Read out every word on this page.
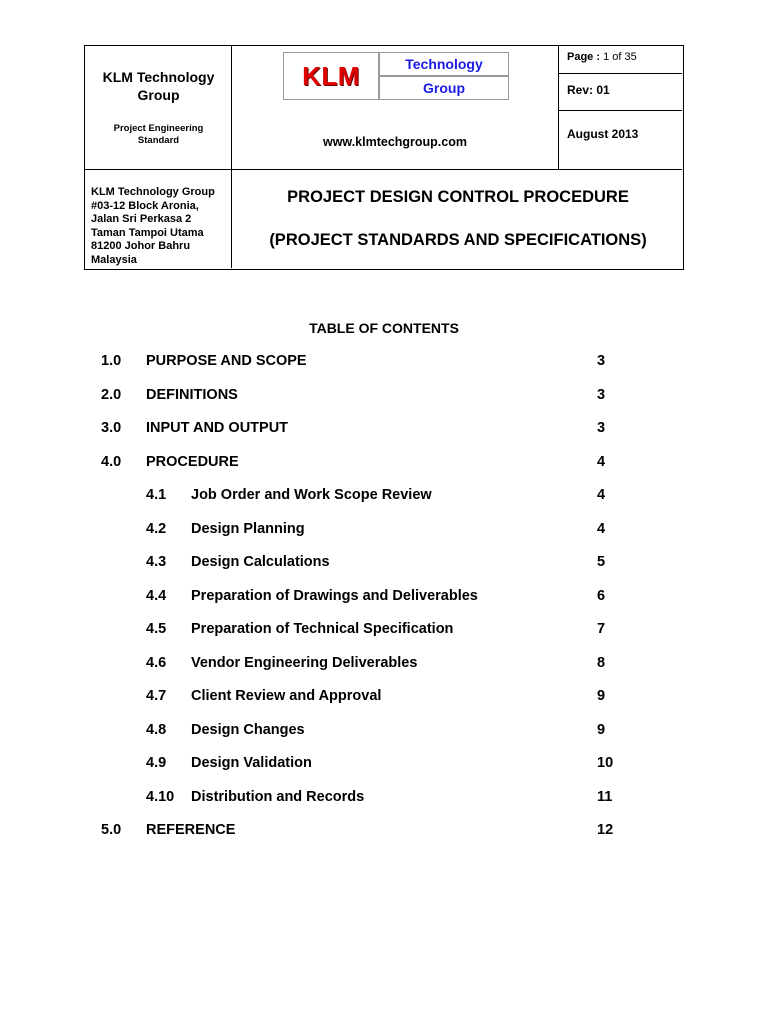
KLM Technology
Group
Project Engineering
Standard
KLM	Technology
Group
www.klmtechgroup.com
Page : 1 of 35
Rev: 01
August 2013
KLM Technology Group
#03-12 Block Aronia,
Jalan Sri Perkasa 2
Taman Tampoi Utama
81200 Johor Bahru
Malaysia
PROJECT DESIGN CONTROL PROCEDURE
(PROJECT STANDARDS AND SPECIFICATIONS)
TABLE OF CONTENTS
1.0 PURPOSE AND SCOPE	3
2.0 DEFINITIONS	3
3.0 INPUT AND OUTPUT	3
4.0 PROCEDURE	4
4.1 Job Order and Work Scope Review	4
4.2 Design Planning	4
4.3 Design Calculations	5
4.4 Preparation of Drawings and Deliverables	6
4.5 Preparation of Technical Specification	7
4.6 Vendor Engineering Deliverables	8
4.7 Client Review and Approval	9
4.8 Design Changes	9
4.9 Design Validation	10
4.10 Distribution and Records	11
5.0 REFERENCE	12
